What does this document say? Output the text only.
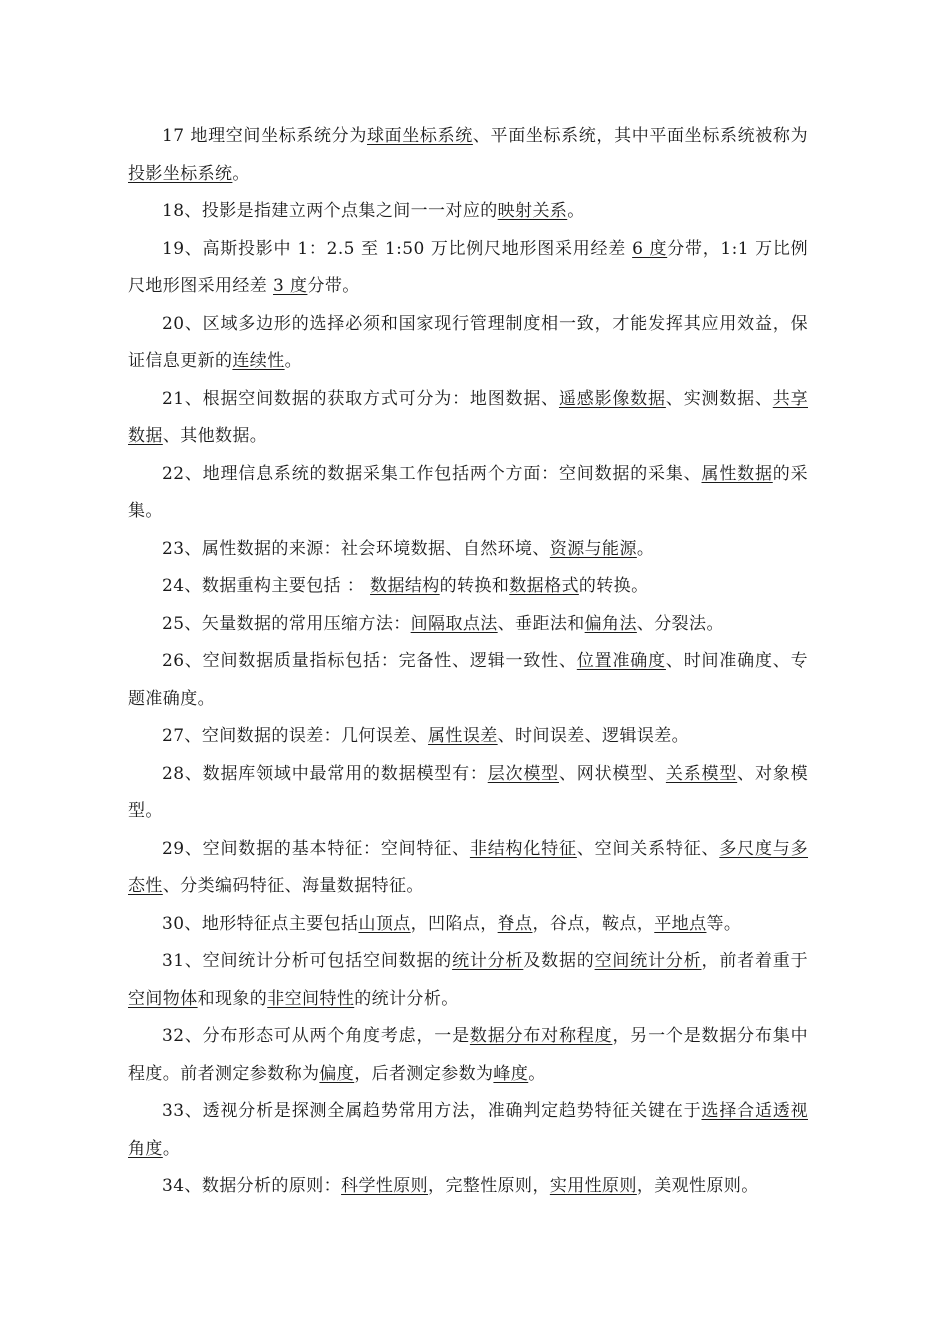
17 地理空间坐标系统分为球面坐标系统、平面坐标系统，其中平面坐标系统被称为投影坐标系统。

18、投影是指建立两个点集之间一一对应的映射关系。

19、高斯投影中 1：2.5 至 1:50 万比例尺地形图采用经差 6 度分带，1:1 万比例尺地形图采用经差 3 度分带。

20、区域多边形的选择必须和国家现行管理制度相一致，才能发挥其应用效益，保证信息更新的连续性。

21、根据空间数据的获取方式可分为：地图数据、遥感影像数据、实测数据、共享数据、其他数据。

22、地理信息系统的数据采集工作包括两个方面：空间数据的采集、属性数据的采集。

23、属性数据的来源：社会环境数据、自然环境、资源与能源。

24、数据重构主要包括 ： 数据结构的转换和数据格式的转换。

25、矢量数据的常用压缩方法：间隔取点法、垂距法和偏角法、分裂法。

26、空间数据质量指标包括：完备性、逻辑一致性、位置准确度、时间准确度、专题准确度。

27、空间数据的误差：几何误差、属性误差、时间误差、逻辑误差。

28、数据库领域中最常用的数据模型有：层次模型、网状模型、关系模型、对象模型。

29、空间数据的基本特征：空间特征、非结构化特征、空间关系特征、多尺度与多态性、分类编码特征、海量数据特征。

30、地形特征点主要包括山顶点，凹陷点，脊点，谷点，鞍点，平地点等。

31、空间统计分析可包括空间数据的统计分析及数据的空间统计分析，前者着重于空间物体和现象的非空间特性的统计分析。

32、分布形态可从两个角度考虑，一是数据分布对称程度，另一个是数据分布集中程度。前者测定参数称为偏度，后者测定参数为峰度。

33、透视分析是探测全属趋势常用方法，准确判定趋势特征关键在于选择合适透视角度。

34、数据分析的原则：科学性原则，完整性原则，实用性原则，美观性原则。
